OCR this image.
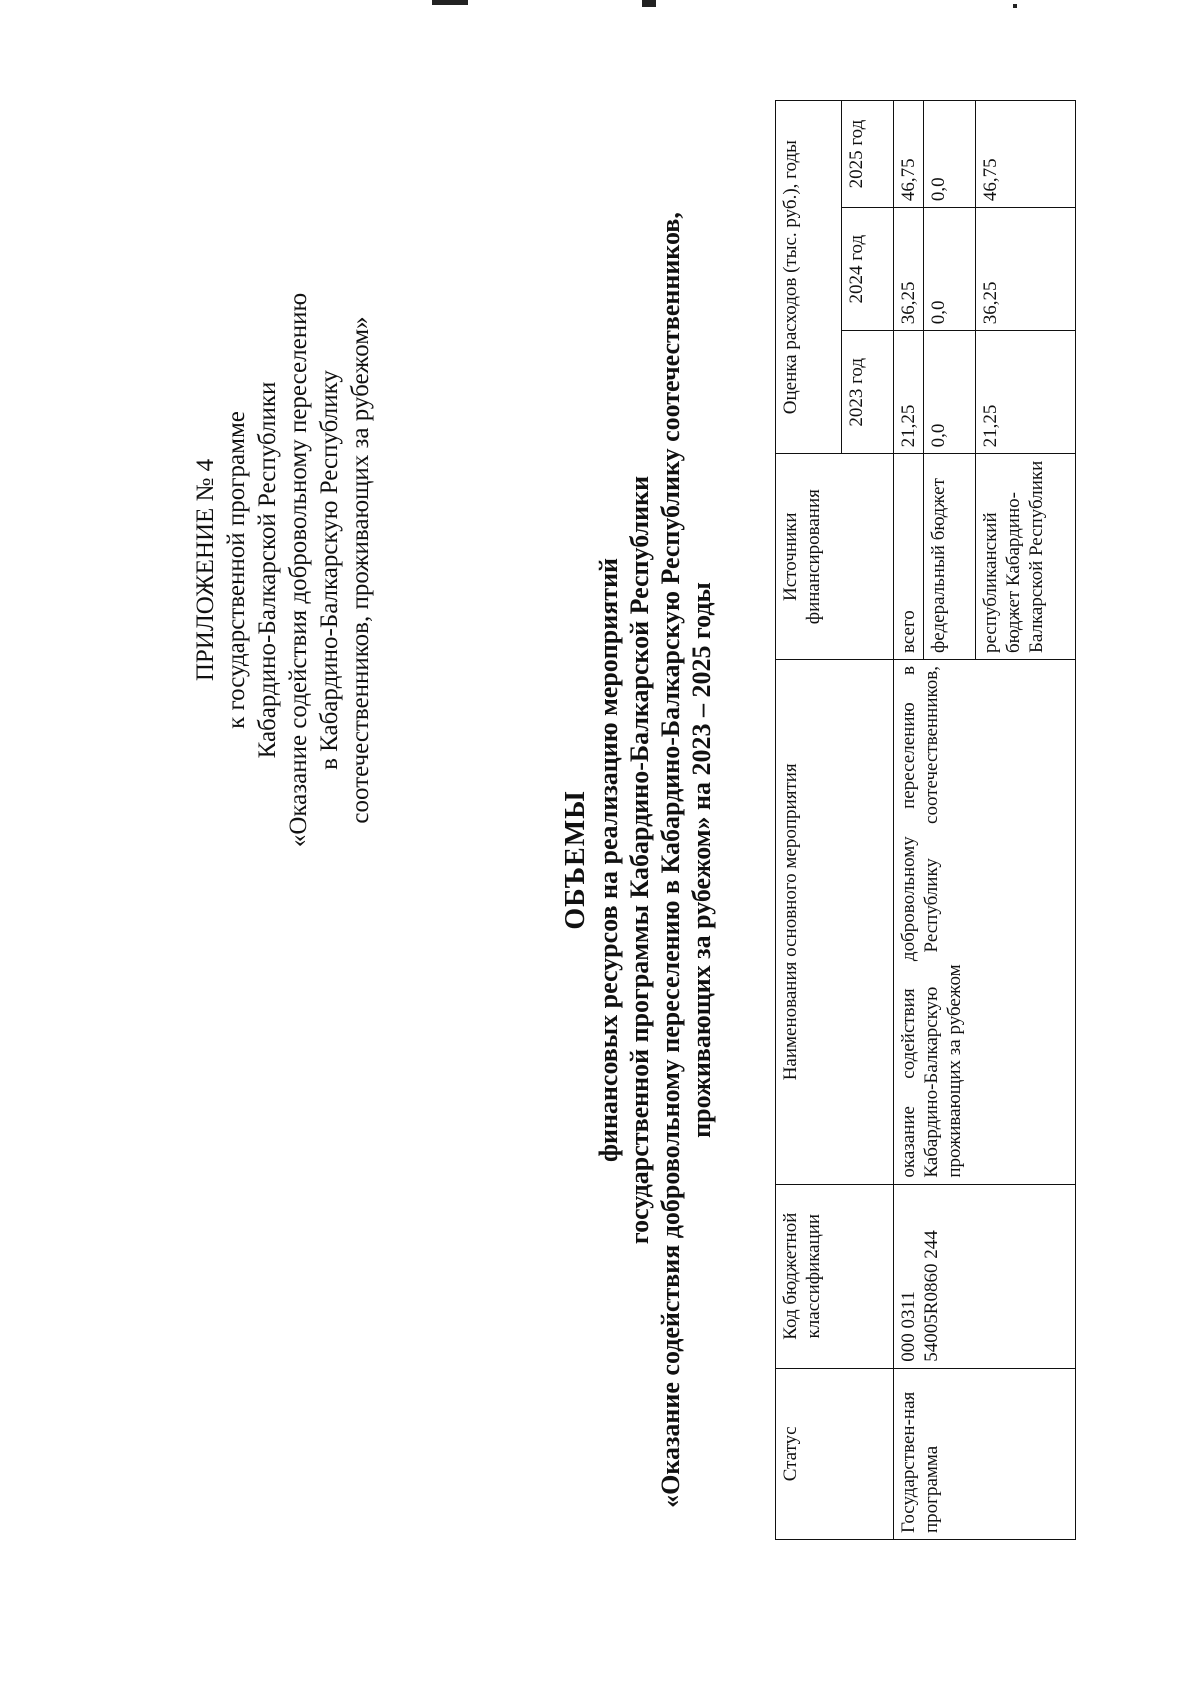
ПРИЛОЖЕНИЕ № 4 к государственной программе Кабардино-Балкарской Республики «Оказание содействия добровольному переселению в Кабардино-Балкарскую Республику соотечественников, проживающих за рубежом»
ОБЪЕМЫ финансовых ресурсов на реализацию мероприятий государственной программы Кабардино-Балкарской Республики «Оказание содействия добровольному переселению в Кабардино-Балкарскую Республику соотечественников, проживающих за рубежом» на 2023 – 2025 годы
Статус	Код бюджетной классификации	Наименования основного мероприятия	Источники финансирования	Оценка расходов (тыс. руб.), годы		
				2023 год	2024 год	2025 год
Государствен-ная программа	000 0311 54005R0860 244	оказание содействия добровольному переселению в Кабардино-Балкарскую Республику соотечественников, проживающих за рубежом	всего	21,25	36,25	46,75
			федеральный бюджет	0,0	0,0	0,0
			республиканский бюджет Кабардино-Балкарской Республики	21,25	36,25	46,75
